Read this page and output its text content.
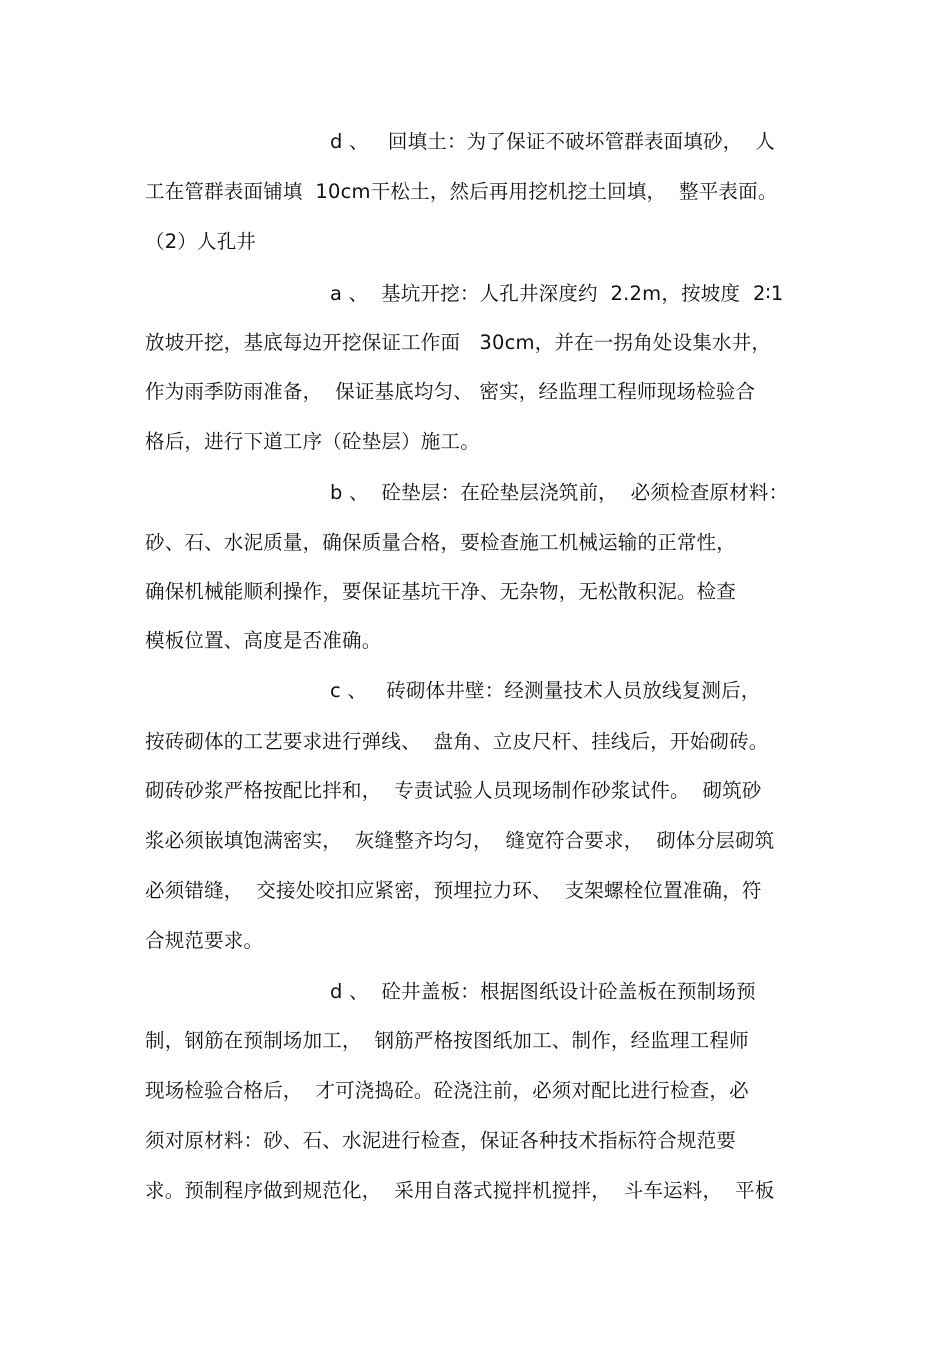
d 、   回填土：为了保证不破坏管群表面填砂，  人
工在管群表面铺填  10cm干松土，然后再用挖机挖土回填，  整平表面。
（2）人孔井
a 、  基坑开挖：人孔井深度约  2.2m，按坡度  2∶1
放坡开挖，基底每边开挖保证工作面   30cm，并在一拐角处设集水井，
作为雨季防雨准备，  保证基底均匀、 密实，经监理工程师现场检验合
格后，进行下道工序（砼垫层）施工。
b 、  砼垫层：在砼垫层浇筑前，  必须检查原材料：
砂、石、水泥质量，确保质量合格，要检查施工机械运输的正常性，
确保机械能顺利操作，要保证基坑干净、无杂物，无松散积泥。检查
模板位置、高度是否准确。
c 、   砖砌体井壁：经测量技术人员放线复测后，
按砖砌体的工艺要求进行弹线、  盘角、立皮尺杆、挂线后，开始砌砖。
砌砖砂浆严格按配比拌和，  专责试验人员现场制作砂浆试件。  砌筑砂
浆必须嵌填饱满密实，  灰缝整齐均匀，  缝宽符合要求，  砌体分层砌筑
必须错缝，  交接处咬扣应紧密，预埋拉力环、  支架螺栓位置准确，符
合规范要求。
d 、  砼井盖板：根据图纸设计砼盖板在预制场预
制，钢筋在预制场加工，  钢筋严格按图纸加工、制作，经监理工程师
现场检验合格后，  才可浇捣砼。砼浇注前，必须对配比进行检查，必
须对原材料：砂、石、水泥进行检查，保证各种技术指标符合规范要
求。预制程序做到规范化，  采用自落式搅拌机搅拌，  斗车运料，  平板
